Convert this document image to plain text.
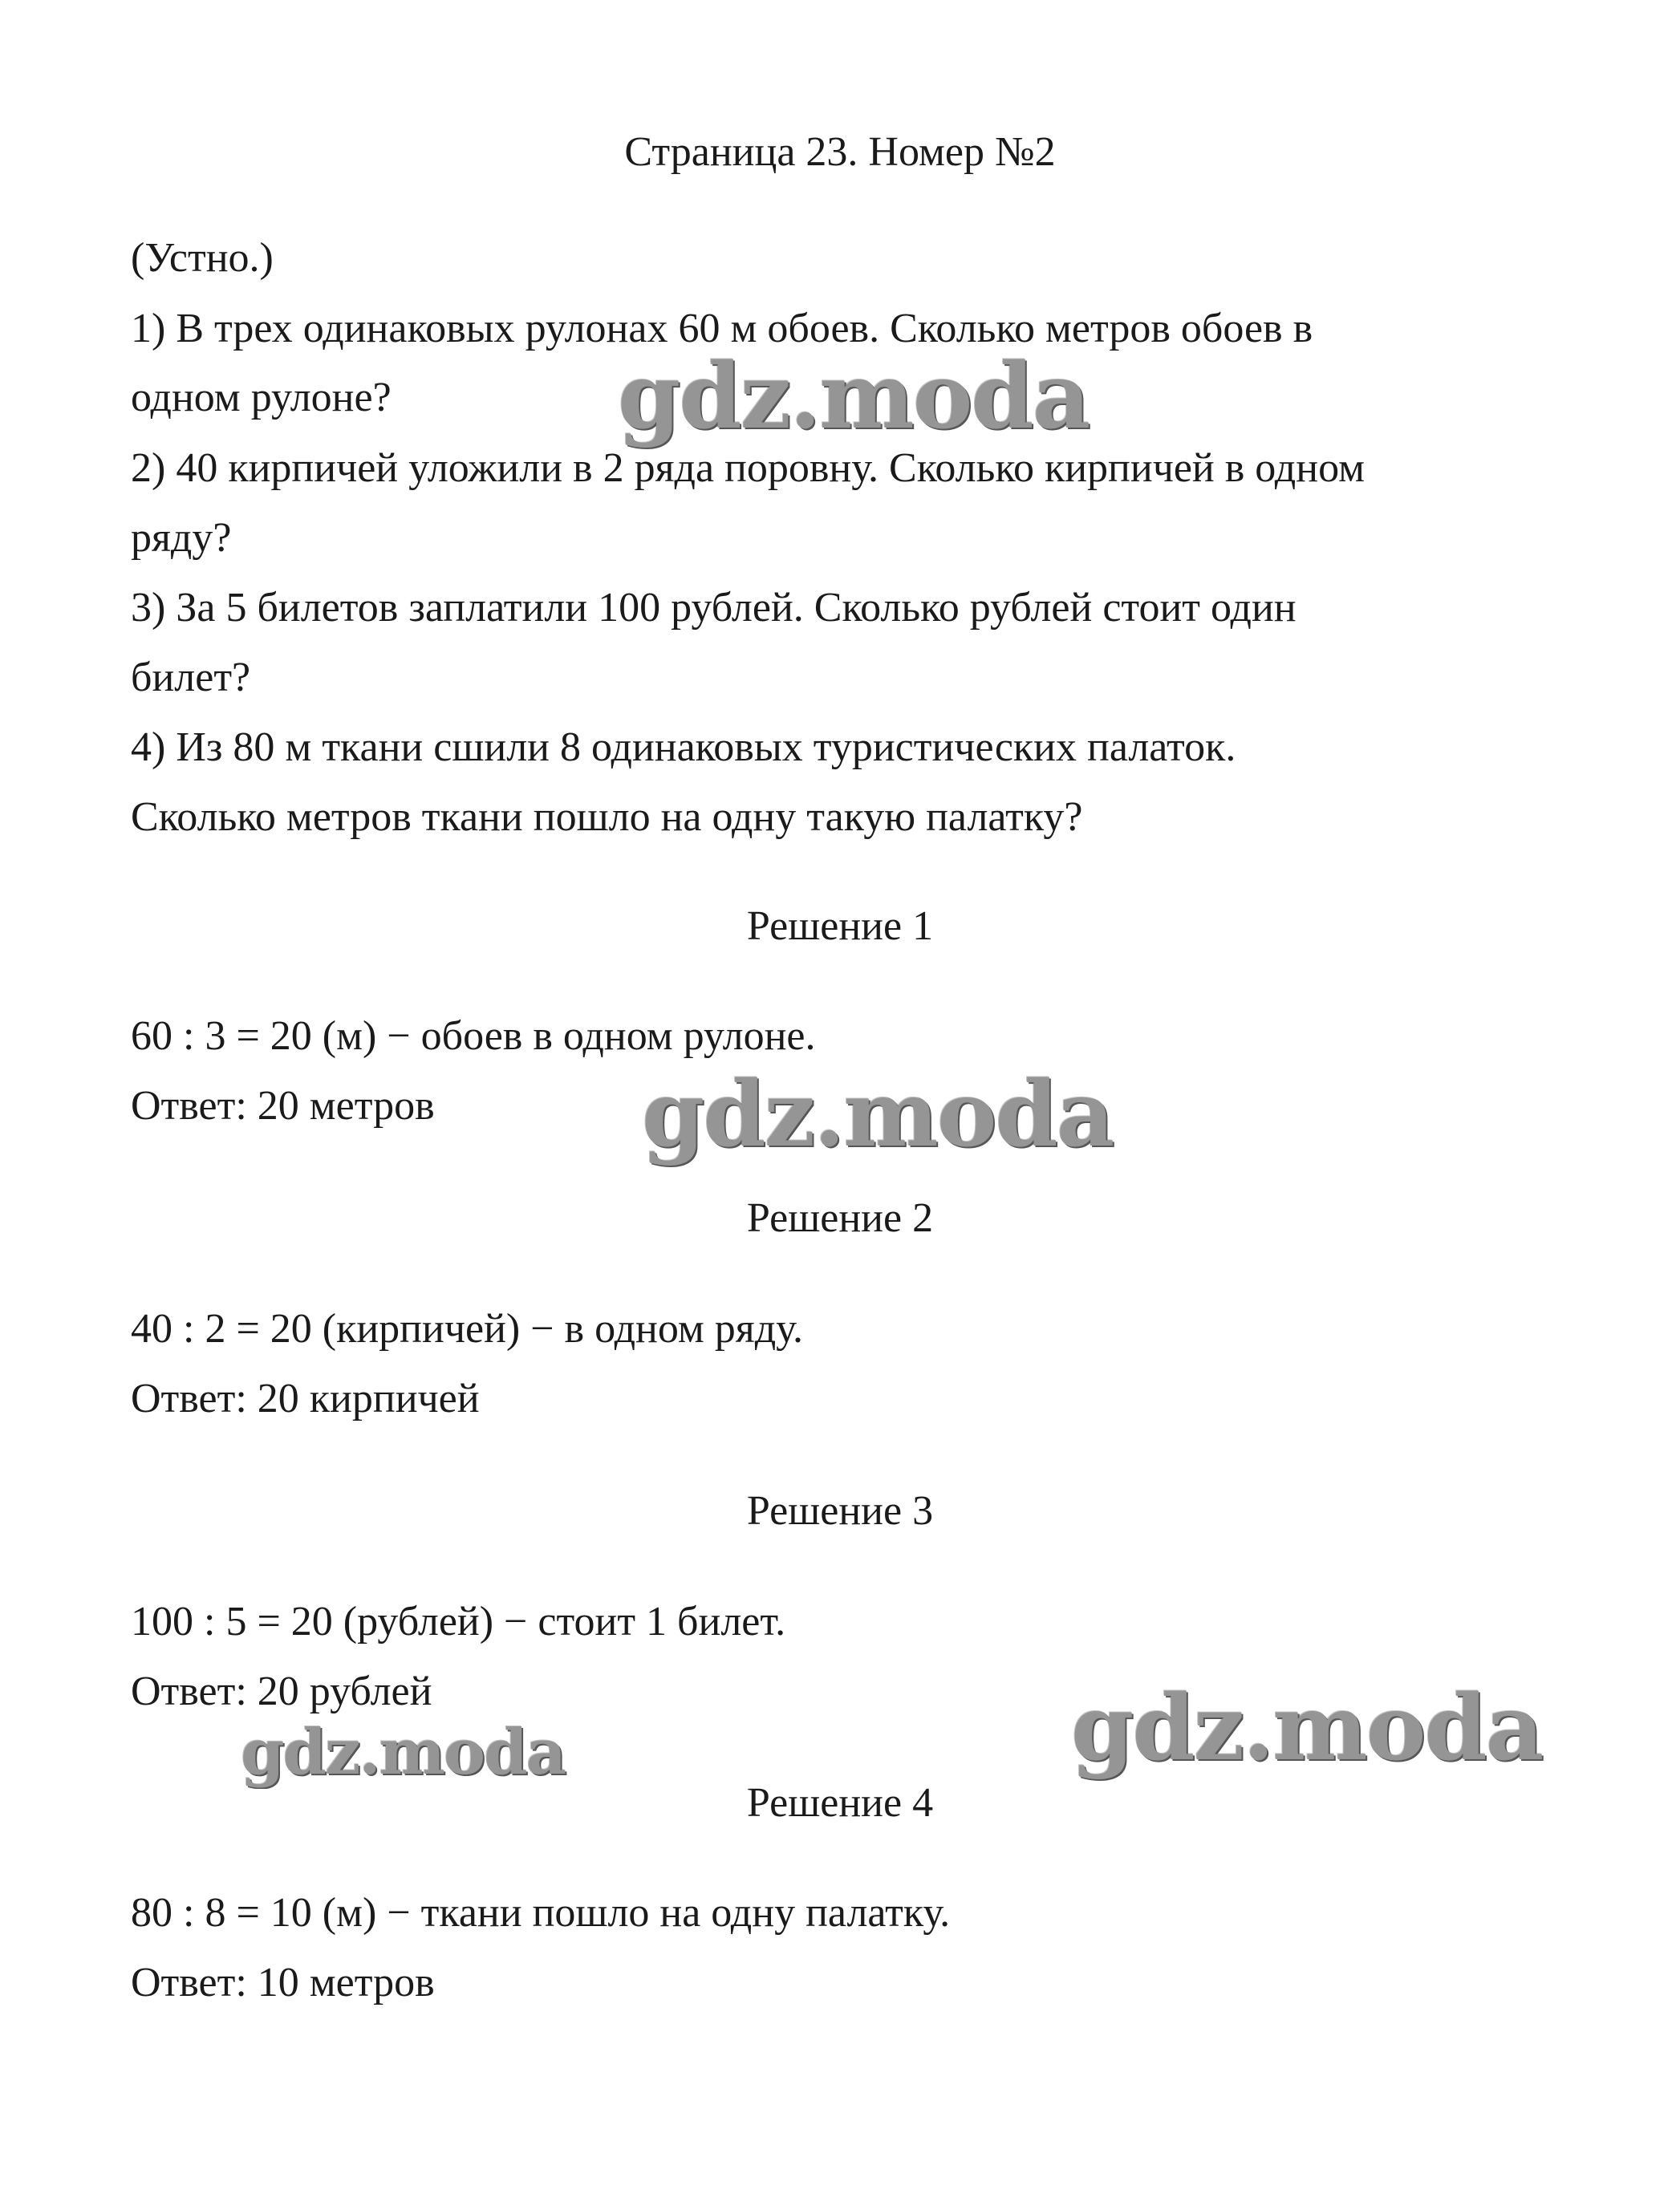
Страница 23. Номер №2
(Устно.)
1) В трех одинаковых рулонах 60 м обоев. Сколько метров обоев в
одном рулоне?
2) 40 кирпичей уложили в 2 ряда поровну. Сколько кирпичей в одном
ряду?
3) За 5 билетов заплатили 100 рублей. Сколько рублей стоит один
билет?
4) Из 80 м ткани сшили 8 одинаковых туристических палаток.
Сколько метров ткани пошло на одну такую палатку?
Решение 1
60 : 3 = 20 (м) − обоев в одном рулоне.
Ответ: 20 метров
Решение 2
40 : 2 = 20 (кирпичей) − в одном ряду.
Ответ: 20 кирпичей
Решение 3
100 : 5 = 20 (рублей) − стоит 1 билет.
Ответ: 20 рублей
Решение 4
80 : 8 = 10 (м) − ткани пошло на одну палатку.
Ответ: 10 метров
gdz.moda
gdz.moda
gdz.moda
gdz.moda
